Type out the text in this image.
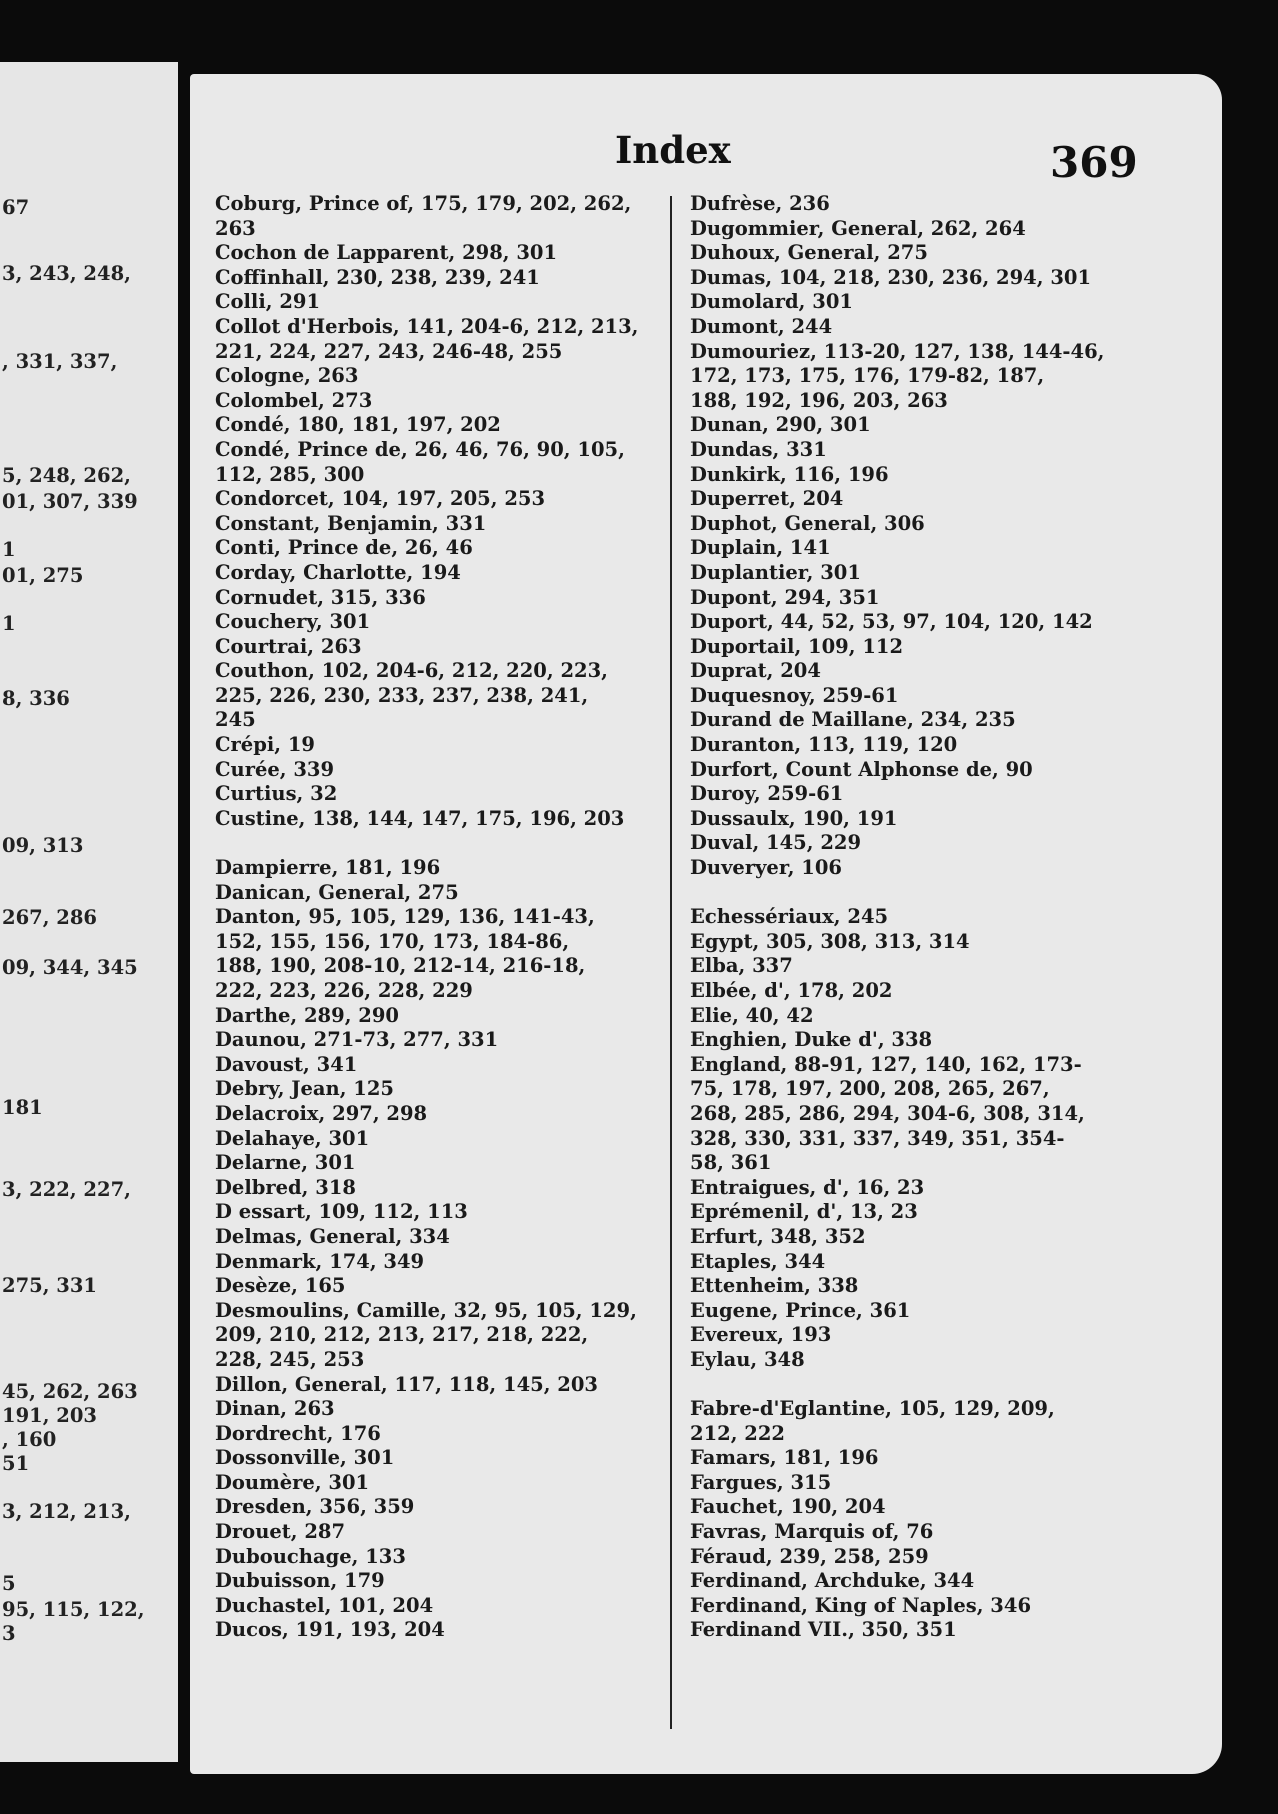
67
3, 243, 248,
, 331, 337,
5, 248, 262,
01, 307, 339
1
01, 275
1
8, 336
09, 313
267, 286
09, 344, 345
181
3, 222, 227,
275, 331
45, 262, 263
191, 203
, 160
51
3, 212, 213,
5
95, 115, 122,
3
Index	369
Coburg, Prince of, 175, 179, 202, 262,
263
Cochon de Lapparent, 298, 301
Coffinhall, 230, 238, 239, 241
Colli, 291
Collot d'Herbois, 141, 204-6, 212, 213,
221, 224, 227, 243, 246-48, 255
Cologne, 263
Colombel, 273
Condé, 180, 181, 197, 202
Condé, Prince de, 26, 46, 76, 90, 105,
112, 285, 300
Condorcet, 104, 197, 205, 253
Constant, Benjamin, 331
Conti, Prince de, 26, 46
Corday, Charlotte, 194
Cornudet, 315, 336
Couchery, 301
Courtrai, 263
Couthon, 102, 204-6, 212, 220, 223,
225, 226, 230, 233, 237, 238, 241,
245
Crépi, 19
Curée, 339
Curtius, 32
Custine, 138, 144, 147, 175, 196, 203
Dampierre, 181, 196
Danican, General, 275
Danton, 95, 105, 129, 136, 141-43,
152, 155, 156, 170, 173, 184-86,
188, 190, 208-10, 212-14, 216-18,
222, 223, 226, 228, 229
Darthe, 289, 290
Daunou, 271-73, 277, 331
Davoust, 341
Debry, Jean, 125
Delacroix, 297, 298
Delahaye, 301
Delarne, 301
Delbred, 318
D essart, 109, 112, 113
Delmas, General, 334
Denmark, 174, 349
Desèze, 165
Desmoulins, Camille, 32, 95, 105, 129,
209, 210, 212, 213, 217, 218, 222,
228, 245, 253
Dillon, General, 117, 118, 145, 203
Dinan, 263
Dordrecht, 176
Dossonville, 301
Doumère, 301
Dresden, 356, 359
Drouet, 287
Dubouchage, 133
Dubuisson, 179
Duchastel, 101, 204
Ducos, 191, 193, 204
Dufrèse, 236
Dugommier, General, 262, 264
Duhoux, General, 275
Dumas, 104, 218, 230, 236, 294, 301
Dumolard, 301
Dumont, 244
Dumouriez, 113-20, 127, 138, 144-46,
172, 173, 175, 176, 179-82, 187,
188, 192, 196, 203, 263
Dunan, 290, 301
Dundas, 331
Dunkirk, 116, 196
Duperret, 204
Duphot, General, 306
Duplain, 141
Duplantier, 301
Dupont, 294, 351
Duport, 44, 52, 53, 97, 104, 120, 142
Duportail, 109, 112
Duprat, 204
Duquesnoy, 259-61
Durand de Maillane, 234, 235
Duranton, 113, 119, 120
Durfort, Count Alphonse de, 90
Duroy, 259-61
Dussaulx, 190, 191
Duval, 145, 229
Duveryer, 106
Echessériaux, 245
Egypt, 305, 308, 313, 314
Elba, 337
Elbée, d', 178, 202
Elie, 40, 42
Enghien, Duke d', 338
England, 88-91, 127, 140, 162, 173-
75, 178, 197, 200, 208, 265, 267,
268, 285, 286, 294, 304-6, 308, 314,
328, 330, 331, 337, 349, 351, 354-
58, 361
Entraigues, d', 16, 23
Eprémenil, d', 13, 23
Erfurt, 348, 352
Etaples, 344
Ettenheim, 338
Eugene, Prince, 361
Evereux, 193
Eylau, 348
Fabre-d'Eglantine, 105, 129, 209,
212, 222
Famars, 181, 196
Fargues, 315
Fauchet, 190, 204
Favras, Marquis of, 76
Féraud, 239, 258, 259
Ferdinand, Archduke, 344
Ferdinand, King of Naples, 346
Ferdinand VII., 350, 351
